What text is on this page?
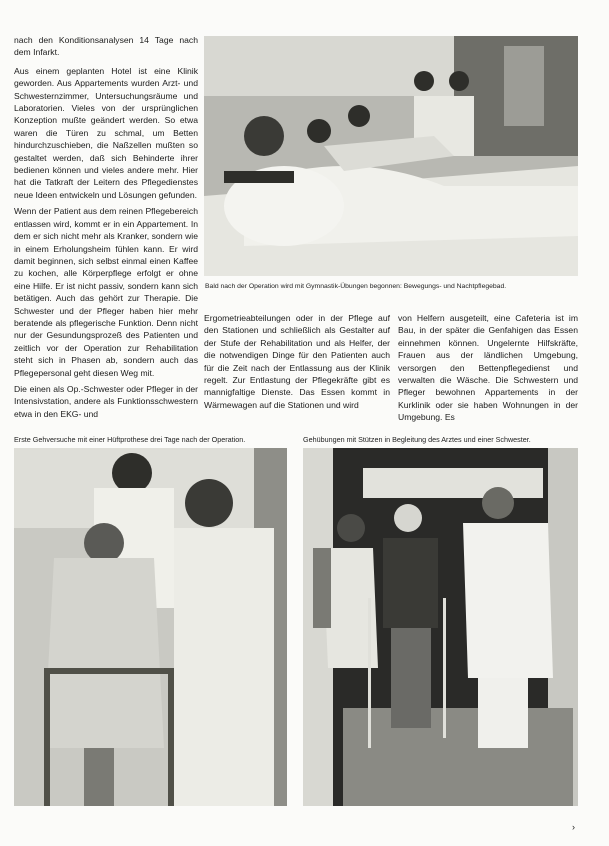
nach den Konditionsanalysen 14 Tage nach dem Infarkt.

Aus einem geplanten Hotel ist eine Klinik geworden. Aus Appartements wurden Arzt- und Schwesternzimmer, Untersuchungsräume und Laboratorien. Vieles von der ursprünglichen Konzeption mußte geändert werden. So etwa waren die Türen zu schmal, um Betten hindurchzuschieben, die Naßzellen mußten so gestaltet werden, daß sich Behinderte ihrer bedienen können und vieles andere mehr. Hier hat die Tatkraft der Leitern des Pflegedienstes neue Ideen entwickeln und Lösungen gefunden.

Wenn der Patient aus dem reinen Pflegebereich entlassen wird, kommt er in ein Appartement. In dem er sich nicht mehr als Kranker, sondern wie in einem Erholungsheim fühlen kann. Er wird damit beginnen, sich selbst einmal einen Kaffee zu kochen, alle Körperpflege erfolgt er ohne eine Hilfe. Er ist nicht passiv, sondern kann sich betätigen. Auch das gehört zur Therapie. Die Schwester und der Pfleger haben hier mehr beratende als pflegerische Funktion. Denn nicht nur der Gesundungsprozeß des Patienten und zeitlich vor der Operation zur Rehabilitation steht sich in Phasen ab, sondern auch das Pflegepersonal geht diesen Weg mit.

Die einen als Op.-Schwester oder Pfleger in der Intensivstation, andere als Funktionsschwestern etwa in den EKG- und

Bald nach der Operation wird mit Gymnastik-Übungen begonnen: Bewegungs- und Nachtpflegebad.

Ergometrieabteilungen oder in der Pflege auf den Stationen und schließlich als Gestalter auf der Stufe der Rehabilitation und als Helfer, der die notwendigen Dinge für den Patienten auch für die Zeit nach der Entlassung aus der Klinik regelt. Zur Entlastung der Pflegekräfte gibt es mannigfaltige Dienste. Das Essen kommt in Wärmewagen auf die Stationen und wird

von Helfern ausgeteilt, eine Cafeteria ist im Bau, in der später die Genfahigen das Essen einnehmen können. Ungelernte Hilfskräfte, Frauen aus der ländlichen Umgebung, versorgen den Bettenpflegedienst und verwalten die Wäsche. Die Schwestern und Pfleger bewohnen Appartements in der Kurklinik oder sie haben Wohnungen in der Umgebung. Es

Erste Gehversuche mit einer Hüftprothese drei Tage nach der Operation.	Gehübungen mit Stützen in Begleitung des Arztes und einer Schwester.
›
